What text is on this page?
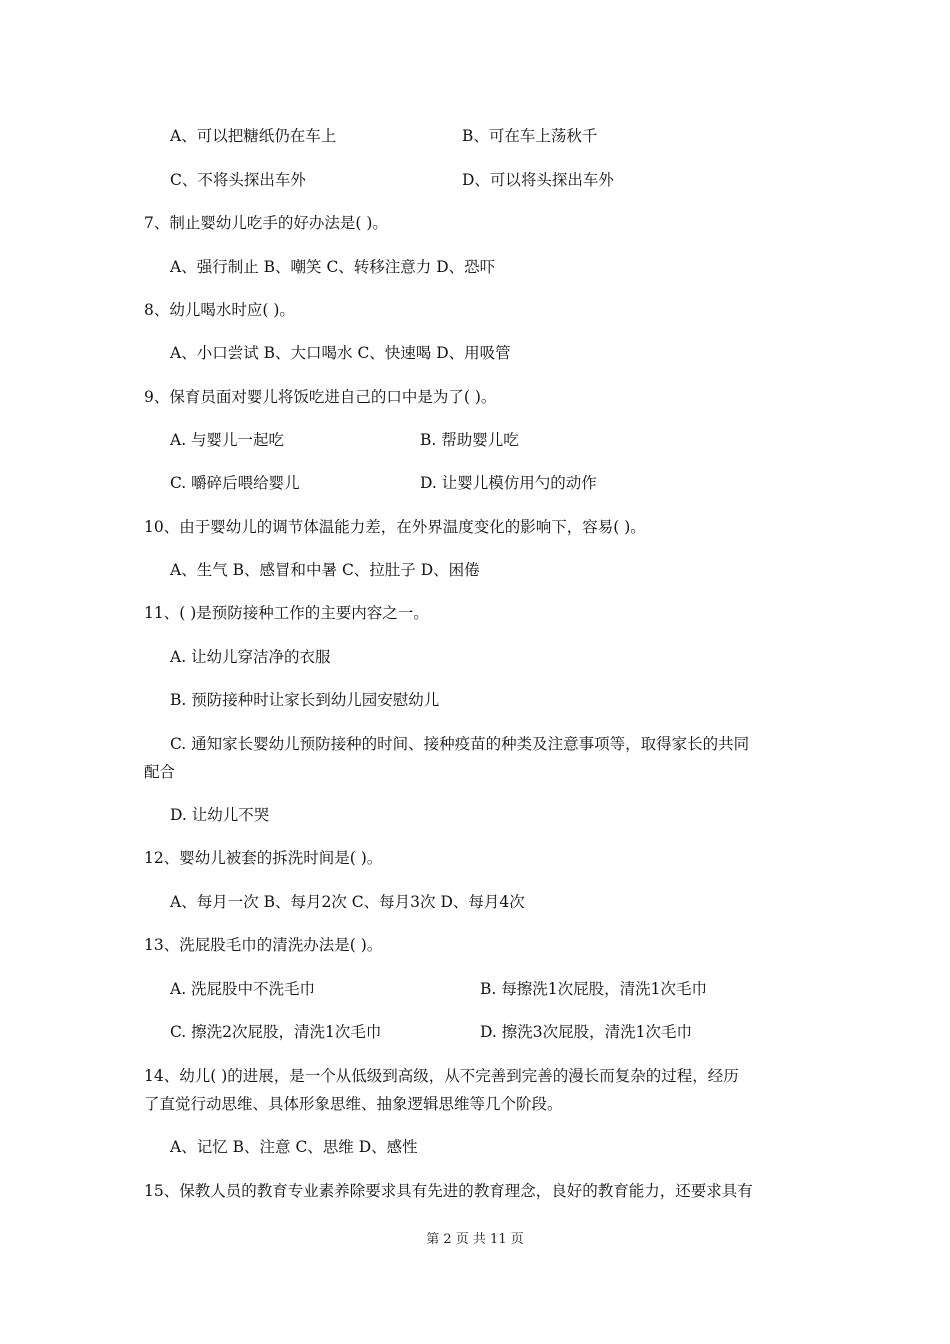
A、可以把糖纸仍在车上	B、可在车上荡秋千
C、不将头探出车外	D、可以将头探出车外
7、制止婴幼儿吃手的好办法是( )。
A、强行制止 B、嘲笑 C、转移注意力 D、恐吓
8、幼儿喝水时应( )。
A、小口尝试 B、大口喝水 C、快速喝 D、用吸管
9、保育员面对婴儿将饭吃进自己的口中是为了( )。
A. 与婴儿一起吃	B. 帮助婴儿吃
C. 嚼碎后喂给婴儿	D. 让婴儿模仿用勺的动作
10、由于婴幼儿的调节体温能力差，在外界温度变化的影响下，容易( )。
A、生气 B、感冒和中暑 C、拉肚子 D、困倦
11、( )是预防接种工作的主要内容之一。
A. 让幼儿穿洁净的衣服
B. 预防接种时让家长到幼儿园安慰幼儿
C. 通知家长婴幼儿预防接种的时间、接种疫苗的种类及注意事项等，取得家长的共同
配合
D. 让幼儿不哭
12、婴幼儿被套的拆洗时间是( )。
A、每月一次 B、每月2次 C、每月3次 D、每月4次
13、洗屁股毛巾的清洗办法是( )。
A. 洗屁股中不洗毛巾	B. 每擦洗1次屁股，清洗1次毛巾
C. 擦洗2次屁股，清洗1次毛巾	D. 擦洗3次屁股，清洗1次毛巾
14、幼儿( )的进展，是一个从低级到高级，从不完善到完善的漫长而复杂的过程，经历
了直觉行动思维、具体形象思维、抽象逻辑思维等几个阶段。
A、记忆 B、注意 C、思维 D、感性
15、保教人员的教育专业素养除要求具有先进的教育理念，良好的教育能力，还要求具有
第 2 页 共 11 页
